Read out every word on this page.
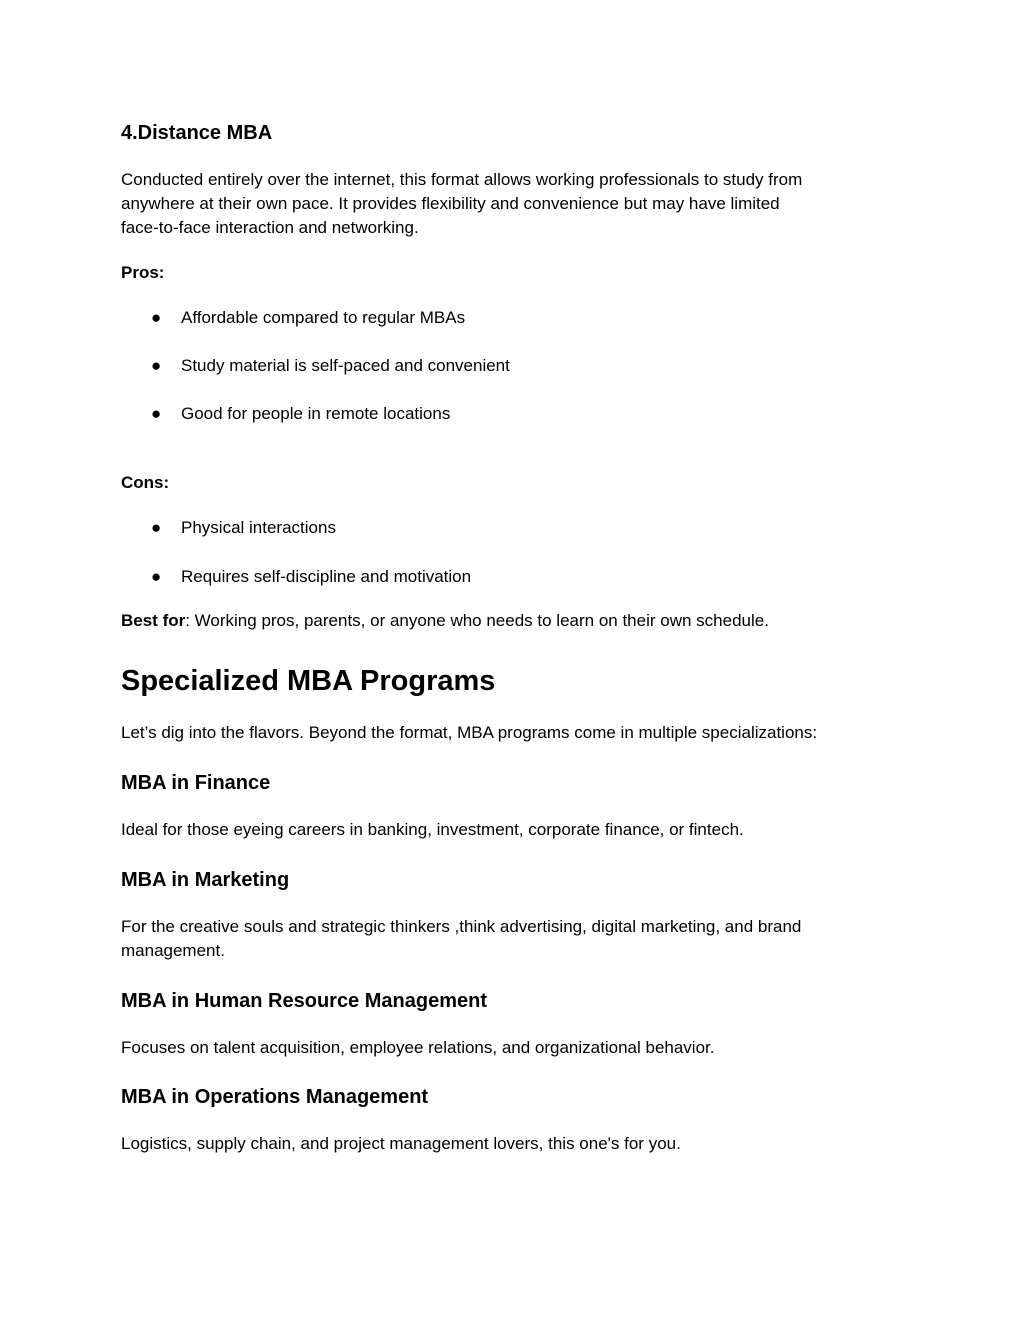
4.Distance MBA

Conducted entirely over the internet, this format allows working professionals to study from

anywhere at their own pace. It provides flexibility and convenience but may have limited

face-to-face interaction and networking.

Pros:

● Affordable compared to regular MBAs
● Study material is self-paced and convenient
● Good for people in remote locations

Cons:

● Physical interactions
● Requires self-discipline and motivation

Best for: Working pros, parents, or anyone who needs to learn on their own schedule.

Specialized MBA Programs

Let’s dig into the flavors. Beyond the format, MBA programs come in multiple specializations:

MBA in Finance

Ideal for those eyeing careers in banking, investment, corporate finance, or fintech.

MBA in Marketing

For the creative souls and strategic thinkers ,think advertising, digital marketing, and brand

management.

MBA in Human Resource Management

Focuses on talent acquisition, employee relations, and organizational behavior.

MBA in Operations Management

Logistics, supply chain, and project management lovers, this one's for you.
